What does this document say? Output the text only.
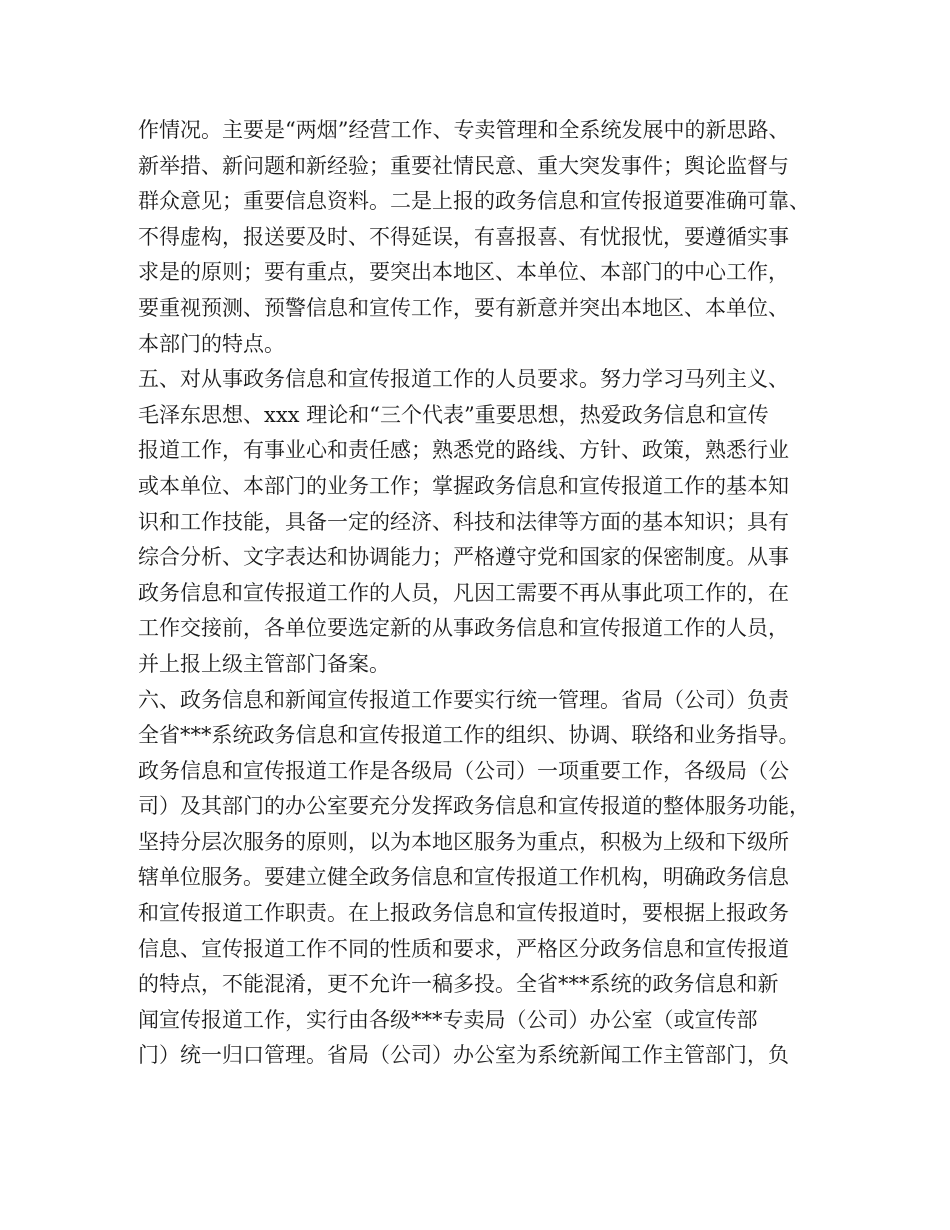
作情况。主要是“两烟”经营工作、专卖管理和全系统发展中的新思路、
新举措、新问题和新经验；重要社情民意、重大突发事件；舆论监督与
群众意见；重要信息资料。二是上报的政务信息和宣传报道要准确可靠、
不得虚构，报送要及时、不得延误，有喜报喜、有忧报忧，要遵循实事
求是的原则；要有重点，要突出本地区、本单位、本部门的中心工作，
要重视预测、预警信息和宣传工作，要有新意并突出本地区、本单位、
本部门的特点。
五、对从事政务信息和宣传报道工作的人员要求。努力学习马列主义、
毛泽东思想、xxx 理论和“三个代表”重要思想，热爱政务信息和宣传
报道工作，有事业心和责任感；熟悉党的路线、方针、政策，熟悉行业
或本单位、本部门的业务工作；掌握政务信息和宣传报道工作的基本知
识和工作技能，具备一定的经济、科技和法律等方面的基本知识；具有
综合分析、文字表达和协调能力；严格遵守党和国家的保密制度。从事
政务信息和宣传报道工作的人员，凡因工需要不再从事此项工作的，在
工作交接前，各单位要选定新的从事政务信息和宣传报道工作的人员，
并上报上级主管部门备案。
六、政务信息和新闻宣传报道工作要实行统一管理。省局（公司）负责
全省***系统政务信息和宣传报道工作的组织、协调、联络和业务指导。
政务信息和宣传报道工作是各级局（公司）一项重要工作，各级局（公
司）及其部门的办公室要充分发挥政务信息和宣传报道的整体服务功能，
坚持分层次服务的原则，以为本地区服务为重点，积极为上级和下级所
辖单位服务。要建立健全政务信息和宣传报道工作机构，明确政务信息
和宣传报道工作职责。在上报政务信息和宣传报道时，要根据上报政务
信息、宣传报道工作不同的性质和要求，严格区分政务信息和宣传报道
的特点，不能混淆，更不允许一稿多投。全省***系统的政务信息和新
闻宣传报道工作，实行由各级***专卖局（公司）办公室（或宣传部
门）统一归口管理。省局（公司）办公室为系统新闻工作主管部门，负
